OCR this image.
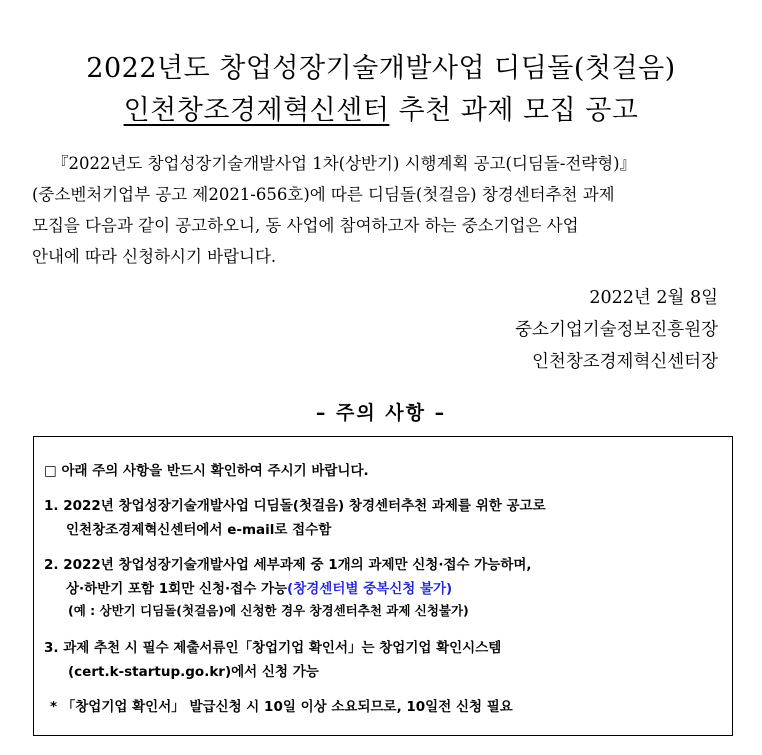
2022년도 창업성장기술개발사업 디딤돌(첫걸음)
인천창조경제혁신센터 추천 과제 모집 공고
『2022년도 창업성장기술개발사업 1차(상반기) 시행계획 공고(디딤돌-전략형)』
(중소벤처기업부 공고 제2021-656호)에 따른 디딤돌(첫걸음) 창경센터추천 과제
모집을 다음과 같이 공고하오니, 동 사업에 참여하고자 하는 중소기업은 사업
안내에 따라 신청하시기 바랍니다.
2022년 2월 8일
중소기업기술정보진흥원장
인천창조경제혁신센터장
– 주의 사항 –
□ 아래 주의 사항을 반드시 확인하여 주시기 바랍니다.
1. 2022년 창업성장기술개발사업 디딤돌(첫걸음) 창경센터추천 과제를 위한 공고로
인천창조경제혁신센터에서 e-mail로 접수함
2. 2022년 창업성장기술개발사업 세부과제 중 1개의 과제만 신청·접수 가능하며,
상·하반기 포함 1회만 신청·접수 가능(창경센터별 중복신청 불가)
(예 : 상반기 디딤돌(첫걸음)에 신청한 경우 창경센터추천 과제 신청불가)
3. 과제 추천 시 필수 제출서류인「창업기업 확인서」는 창업기업 확인시스템
(cert.k-startup.go.kr)에서 신청 가능
* 「창업기업 확인서」 발급신청 시 10일 이상 소요되므로, 10일전 신청 필요
